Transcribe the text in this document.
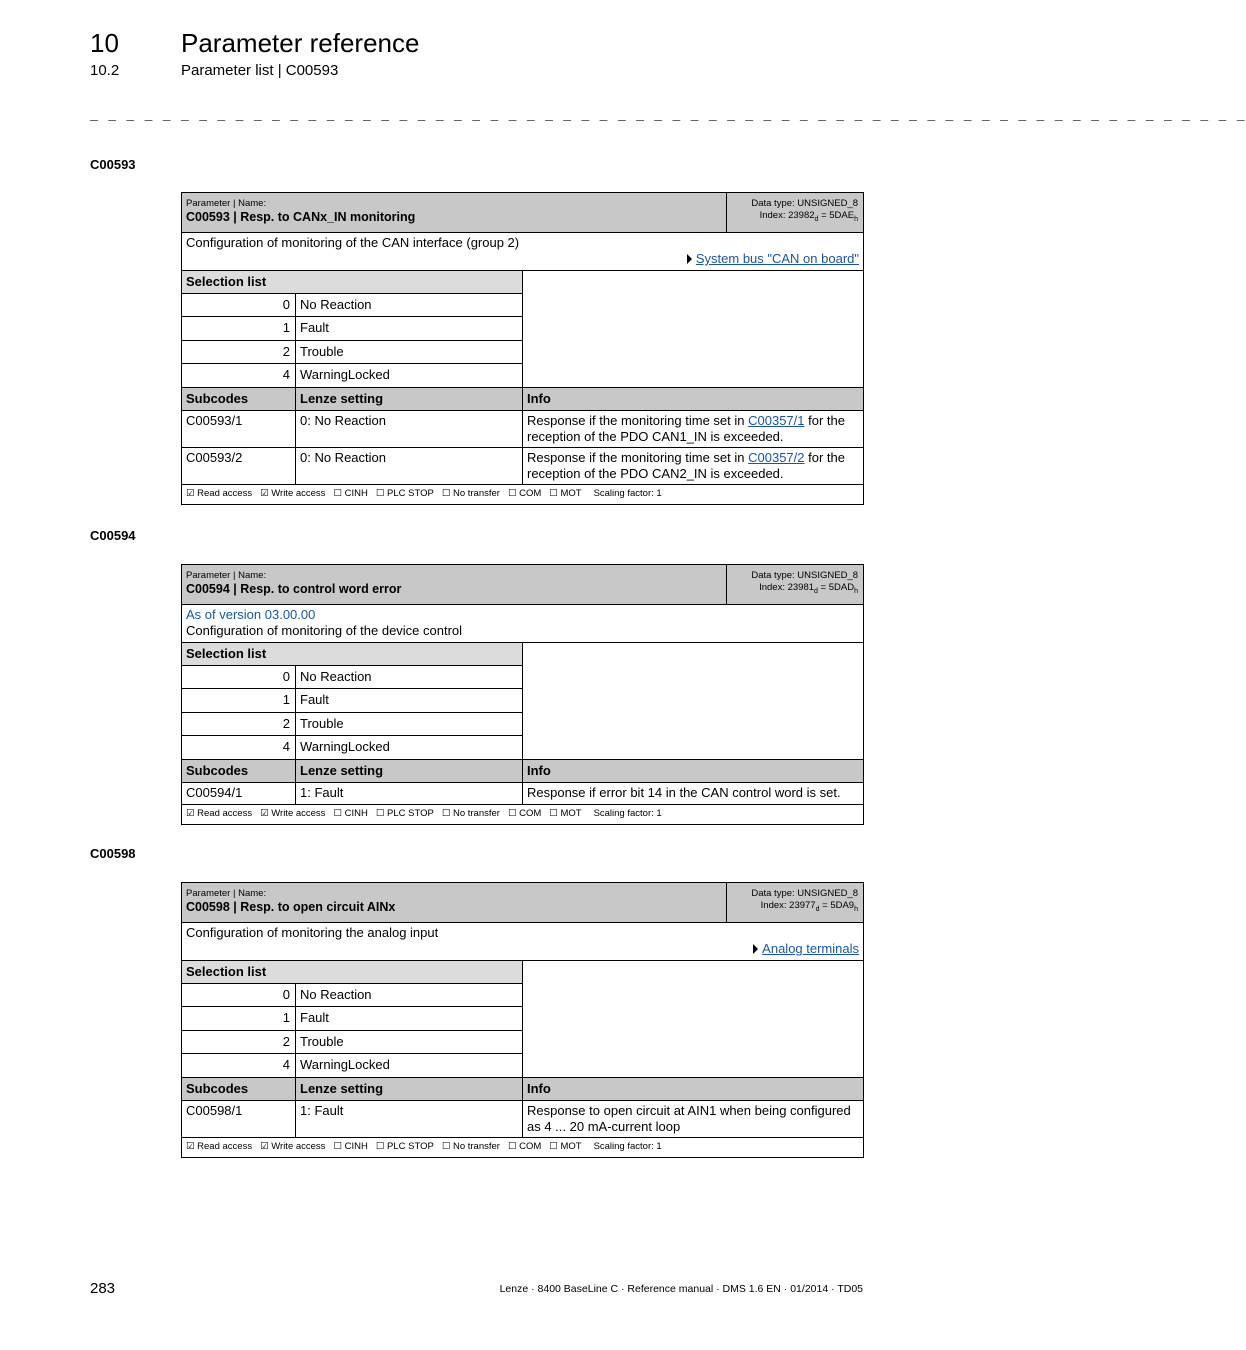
10 Parameter reference
10.2	Parameter list | C00593
_ _ _ _ _ _ _ _ _ _ _ _ _ _ _ _ _ _ _ _ _ _ _ _ _ _ _ _ _ _ _ _ _ _ _ _ _ _ _ _ _ _ _ _ _ _ _ _ _ _ _ _ _ _ _ _ _ _ _ _ _ _ _ _
C00593
Parameter | Name:
C00593 | Resp. to CANx_IN monitoring
Data type: UNSIGNED_8
Index: $23982_d = 5DAE_h$
Configuration of monitoring of the CAN interface (group 2)
System bus "CAN on board"
Selection list
0 No Reaction
1 Fault
2 Trouble
4 WarningLocked
Subcodes	Lenze setting	Info
C00593/1	0: No Reaction	Response if the monitoring time set in C00357/1 for the reception of the PDO CAN1_IN is exceeded.
C00593/2	0: No Reaction	Response if the monitoring time set in C00357/2 for the reception of the PDO CAN2_IN is exceeded.
☑ Read access ☑ Write access ☐ CINH ☐ PLC STOP ☐ No transfer ☐ COM ☐ MOT Scaling factor: 1
C00594
Parameter | Name:
C00594 | Resp. to control word error
Data type: UNSIGNED_8
Index: $23981_d = 5DAD_h$
As of version 03.00.00
Configuration of monitoring of the device control
Selection list
0 No Reaction
1 Fault
2 Trouble
4 WarningLocked
Subcodes	Lenze setting	Info
C00594/1	1: Fault	Response if error bit 14 in the CAN control word is set.
☑ Read access ☑ Write access ☐ CINH ☐ PLC STOP ☐ No transfer ☐ COM ☐ MOT Scaling factor: 1
C00598
Parameter | Name:
C00598 | Resp. to open circuit AINx
Data type: UNSIGNED_8
Index: $23977_d = 5DA9_h$
Configuration of monitoring the analog input
Analog terminals
Selection list
0 No Reaction
1 Fault
2 Trouble
4 WarningLocked
Subcodes	Lenze setting	Info
C00598/1	1: Fault	Response to open circuit at AIN1 when being configured as 4 ... 20 mA-current loop
☑ Read access ☑ Write access ☐ CINH ☐ PLC STOP ☐ No transfer ☐ COM ☐ MOT Scaling factor: 1
283	Lenze · 8400 BaseLine C · Reference manual · DMS 1.6 EN · 01/2014 · TD05
